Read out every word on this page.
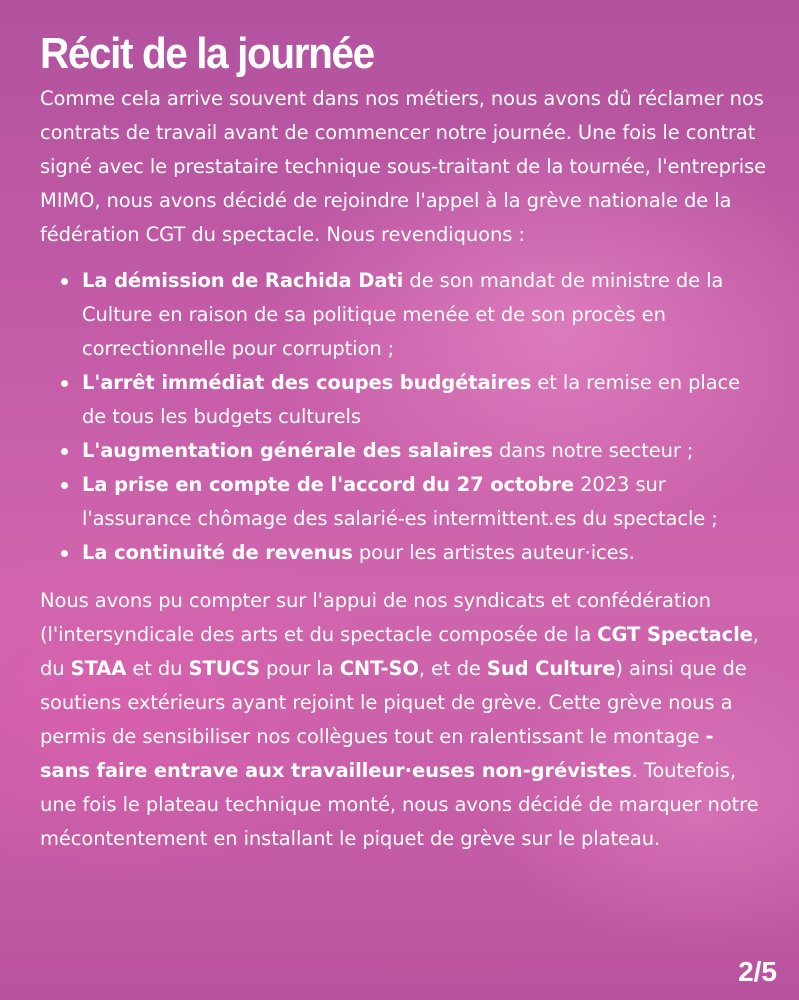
Récit de la journée

Comme cela arrive souvent dans nos métiers, nous avons dû réclamer nos contrats de travail avant de commencer notre journée. Une fois le contrat signé avec le prestataire technique sous-traitant de la tournée, l'entreprise MIMO, nous avons décidé de rejoindre l'appel à la grève nationale de la fédération CGT du spectacle. Nous revendiquons :

La démission de Rachida Dati de son mandat de ministre de la Culture en raison de sa politique menée et de son procès en correctionnelle pour corruption ;
L'arrêt immédiat des coupes budgétaires et la remise en place de tous les budgets culturels
L'augmentation générale des salaires dans notre secteur ;
La prise en compte de l'accord du 27 octobre 2023 sur l'assurance chômage des salarié-es intermittent.es du spectacle ;
La continuité de revenus pour les artistes auteur·ices.

Nous avons pu compter sur l'appui de nos syndicats et confédération (l'intersyndicale des arts et du spectacle composée de la CGT Spectacle, du STAA et du STUCS pour la CNT-SO, et de Sud Culture) ainsi que de soutiens extérieurs ayant rejoint le piquet de grève. Cette grève nous a permis de sensibiliser nos collègues tout en ralentissant le montage - sans faire entrave aux travailleur·euses non-grévistes. Toutefois, une fois le plateau technique monté, nous avons décidé de marquer notre mécontentement en installant le piquet de grève sur le plateau.

2/5
